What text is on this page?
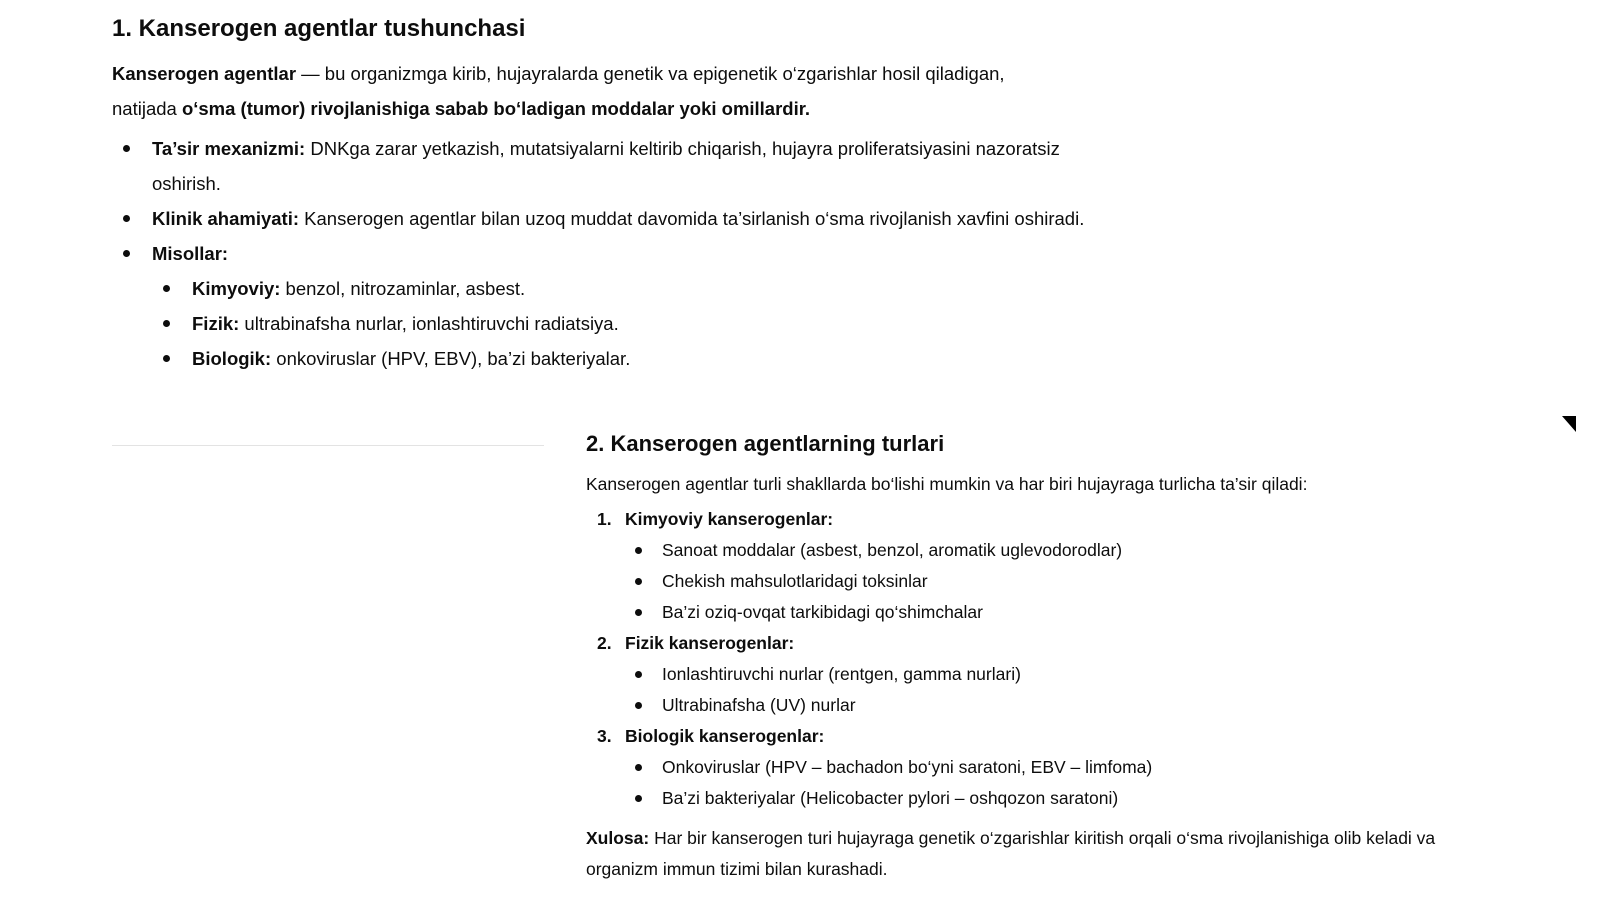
1. Kanserogen agentlar tushunchasi

Kanserogen agentlar — bu organizmga kirib, hujayralarda genetik va epigenetik o‘zgarishlar hosil qiladigan,
natijada o‘sma (tumor) rivojlanishiga sabab bo‘ladigan moddalar yoki omillardir.

Ta’sir mexanizmi: DNKga zarar yetkazish, mutatsiyalarni keltirib chiqarish, hujayra proliferatsiyasini nazoratsiz oshirish.
Klinik ahamiyati: Kanserogen agentlar bilan uzoq muddat davomida ta’sirlanish o‘sma rivojlanish xavfini oshiradi.
Misollar:
Kimyoviy: benzol, nitrozaminlar, asbest.
Fizik: ultrabinafsha nurlar, ionlashtiruvchi radiatsiya.
Biologik: onkoviruslar (HPV, EBV), ba’zi bakteriyalar.
2. Kanserogen agentlarning turlari

Kanserogen agentlar turli shakllarda bo‘lishi mumkin va har biri hujayraga turlicha ta’sir qiladi:

1. Kimyoviy kanserogenlar:
Sanoat moddalar (asbest, benzol, aromatik uglevodorodlar)
Chekish mahsulotlaridagi toksinlar
Ba’zi oziq-ovqat tarkibidagi qo‘shimchalar
2. Fizik kanserogenlar:
Ionlashtiruvchi nurlar (rentgen, gamma nurlari)
Ultrabinafsha (UV) nurlar
3. Biologik kanserogenlar:
Onkoviruslar (HPV – bachadon bo‘yni saratoni, EBV – limfoma)
Ba’zi bakteriyalar (Helicobacter pylori – oshqozon saratoni)

Xulosa: Har bir kanserogen turi hujayraga genetik o‘zgarishlar kiritish orqali o‘sma rivojlanishiga olib keladi va organizm immun tizimi bilan kurashadi.
